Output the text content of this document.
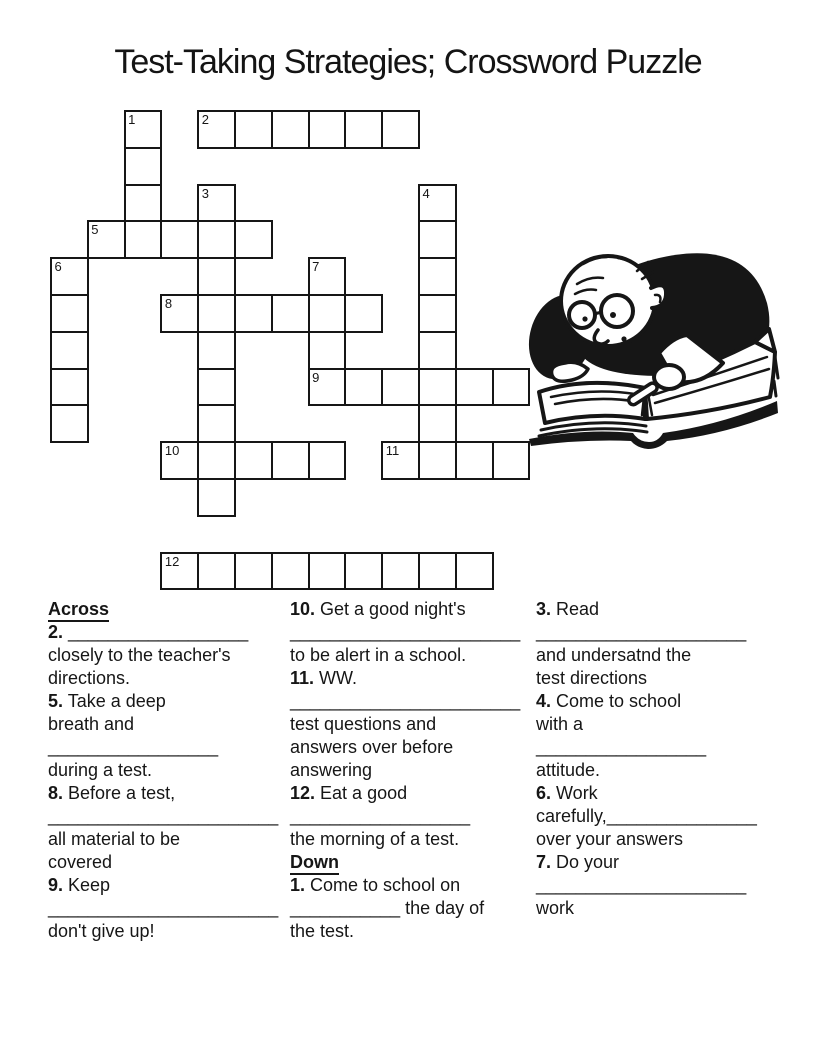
Test-Taking Strategies; Crossword Puzzle
1	2
3	4
5
6	7
9
8
10	11
12
Across
2. __________________
closely to the teacher's
directions.
5. Take a deep
breath and
_________________
during a test.
8. Before a test,
_______________________
all material to be
covered
9. Keep
_______________________
don't give up!
10. Get a good night's
_______________________
to be alert in a school.
11. WW.
_______________________
test questions and
answers over before
answering
12. Eat a good
__________________
the morning of a test.
Down
1. Come to school on
___________ the day of
the test.
3. Read
_____________________
and undersatnd the
test directions
4. Come to school
with a
_________________
attitude.
6. Work
carefully,_______________
over your answers
7. Do your
_____________________
work
